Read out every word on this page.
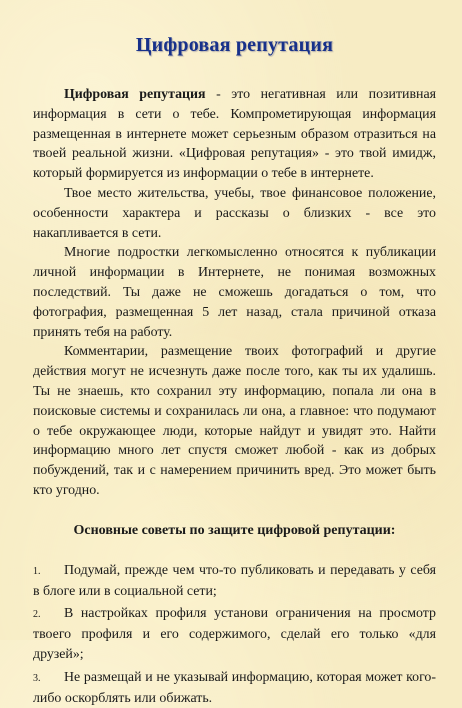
Цифровая репутация

Цифровая репутация - это негативная или позитивная информация в сети о тебе. Компрометирующая информация размещенная в интернете может серьезным образом отразиться на твоей реальной жизни. «Цифровая репутация» - это твой имидж, который формируется из информации о тебе в интернете.

Твое место жительства, учебы, твое финансовое положение, особенности характера и рассказы о близких - все это накапливается в сети.

Многие подростки легкомысленно относятся к публикации личной информации в Интернете, не понимая возможных последствий. Ты даже не сможешь догадаться о том, что фотография, размещенная 5 лет назад, стала причиной отказа принять тебя на работу.

Комментарии, размещение твоих фотографий и другие действия могут не исчезнуть даже после того, как ты их удалишь. Ты не знаешь, кто сохранил эту информацию, попала ли она в поисковые системы и сохранилась ли она, а главное: что подумают о тебе окружающее люди, которые найдут и увидят это. Найти информацию много лет спустя сможет любой - как из добрых побуждений, так и с намерением причинить вред. Это может быть кто угодно.

Основные советы по защите цифровой репутации:

1. Подумай, прежде чем что-то публиковать и передавать у себя в блоге или в социальной сети;
2. В настройках профиля установи ограничения на просмотр твоего профиля и его содержимого, сделай его только «для друзей»;
3. Не размещай и не указывай информацию, которая может кого-либо оскорблять или обижать.
